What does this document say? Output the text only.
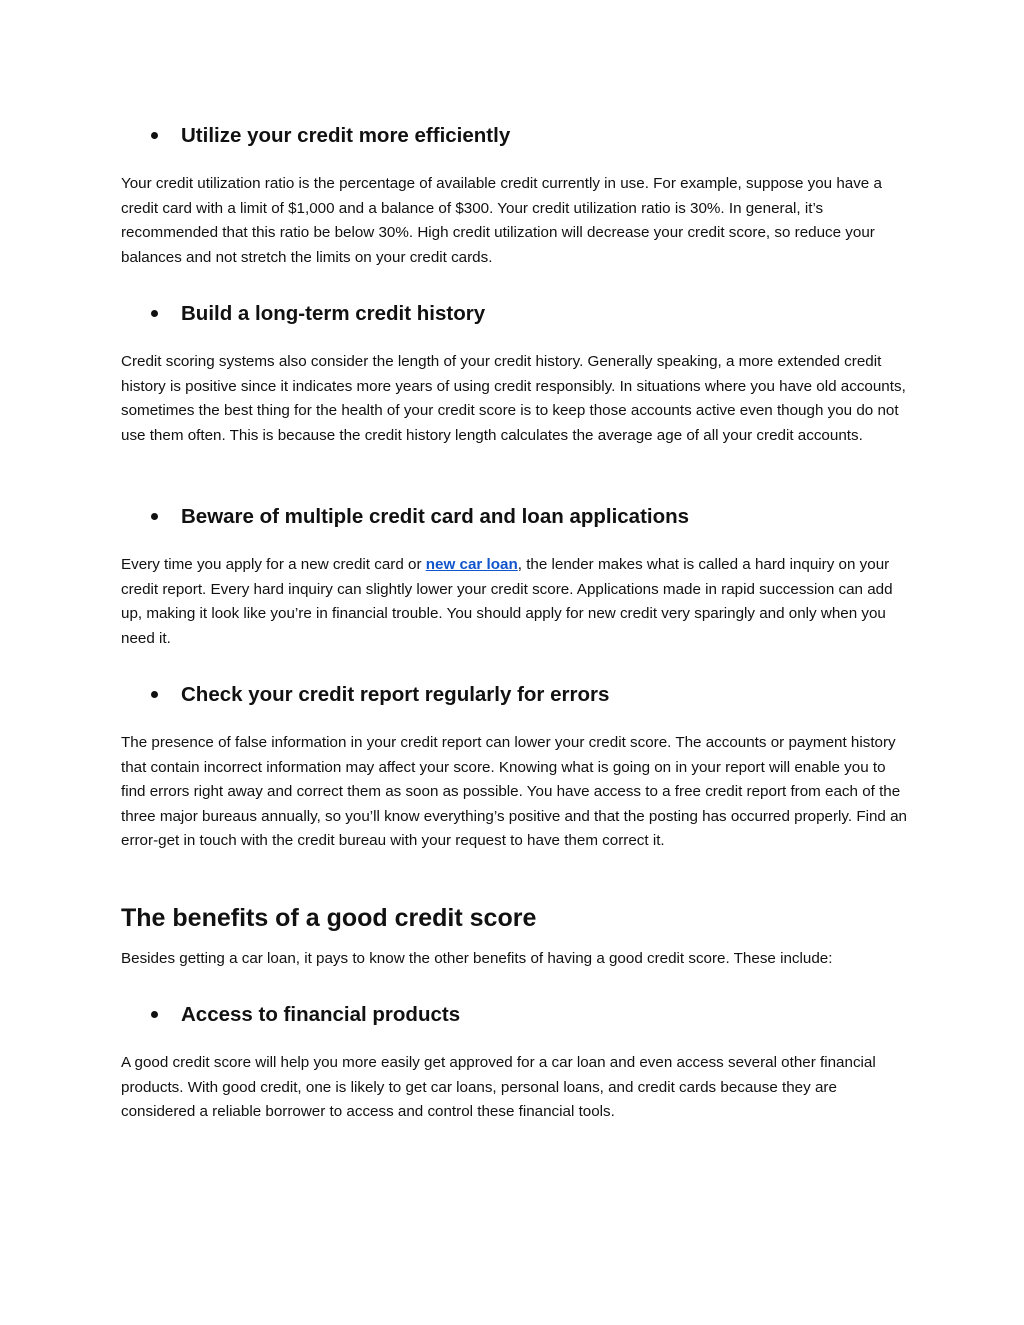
Utilize your credit more efficiently
Your credit utilization ratio is the percentage of available credit currently in use. For example, suppose you have a credit card with a limit of $1,000 and a balance of $300. Your credit utilization ratio is 30%. In general, it’s recommended that this ratio be below 30%. High credit utilization will decrease your credit score, so reduce your balances and not stretch the limits on your credit cards.
Build a long-term credit history
Credit scoring systems also consider the length of your credit history. Generally speaking, a more extended credit history is positive since it indicates more years of using credit responsibly. In situations where you have old accounts, sometimes the best thing for the health of your credit score is to keep those accounts active even though you do not use them often. This is because the credit history length calculates the average age of all your credit accounts.
Beware of multiple credit card and loan applications
Every time you apply for a new credit card or new car loan, the lender makes what is called a hard inquiry on your credit report. Every hard inquiry can slightly lower your credit score. Applications made in rapid succession can add up, making it look like you’re in financial trouble. You should apply for new credit very sparingly and only when you need it.
Check your credit report regularly for errors
The presence of false information in your credit report can lower your credit score. The accounts or payment history that contain incorrect information may affect your score. Knowing what is going on in your report will enable you to find errors right away and correct them as soon as possible. You have access to a free credit report from each of the three major bureaus annually, so you’ll know everything’s positive and that the posting has occurred properly. Find an error-get in touch with the credit bureau with your request to have them correct it.
The benefits of a good credit score
Besides getting a car loan, it pays to know the other benefits of having a good credit score. These include:
Access to financial products
A good credit score will help you more easily get approved for a car loan and even access several other financial products. With good credit, one is likely to get car loans, personal loans, and credit cards because they are considered a reliable borrower to access and control these financial tools.
